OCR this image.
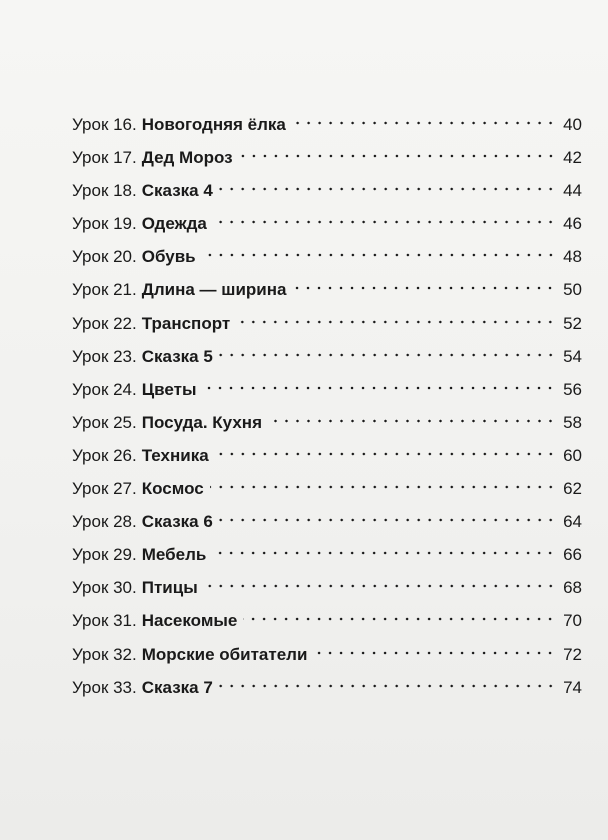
Урок 16. Новогодняя ёлка	40
Урок 17. Дед Мороз	42
Урок 18. Сказка 4	44
Урок 19. Одежда	46
Урок 20. Обувь	48
Урок 21. Длина — ширина	50
Урок 22. Транспорт	52
Урок 23. Сказка 5	54
Урок 24. Цветы	56
Урок 25. Посуда. Кухня	58
Урок 26. Техника	60
Урок 27. Космос	62
Урок 28. Сказка 6	64
Урок 29. Мебель	66
Урок 30. Птицы	68
Урок 31. Насекомые	70
Урок 32. Морские обитатели	72
Урок 33. Сказка 7	74
